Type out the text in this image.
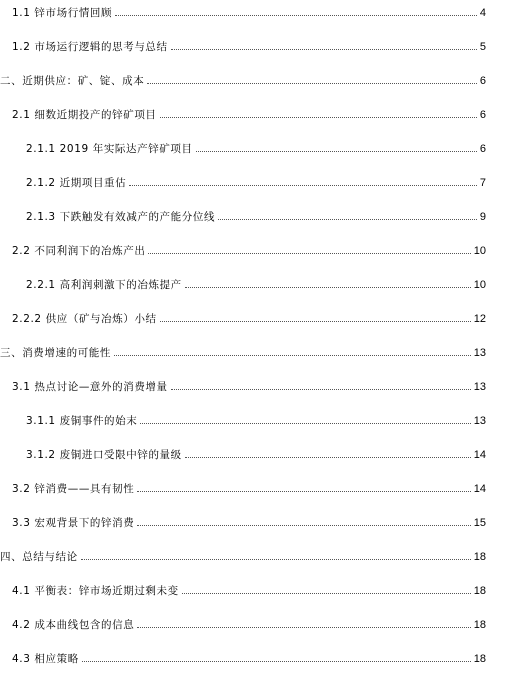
1.1 锌市场行情回顾	4
1.2 市场运行逻辑的思考与总结	5
二、近期供应：矿、锭、成本	6
2.1 细数近期投产的锌矿项目	6
2.1.1 2019 年实际达产锌矿项目	6
2.1.2 近期项目重估	7
2.1.3 下跌触发有效减产的产能分位线	9
2.2 不同利润下的冶炼产出	10
2.2.1 高利润刺激下的冶炼提产	10
2.2.2 供应（矿与冶炼）小结	12
三、消费增速的可能性	13
3.1 热点讨论—意外的消费增量	13
3.1.1 废铜事件的始末	13
3.1.2 废铜进口受限中锌的量级	14
3.2 锌消费——具有韧性	14
3.3 宏观背景下的锌消费	15
四、总结与结论	18
4.1 平衡表：锌市场近期过剩未变	18
4.2 成本曲线包含的信息	18
4.3 相应策略	18
